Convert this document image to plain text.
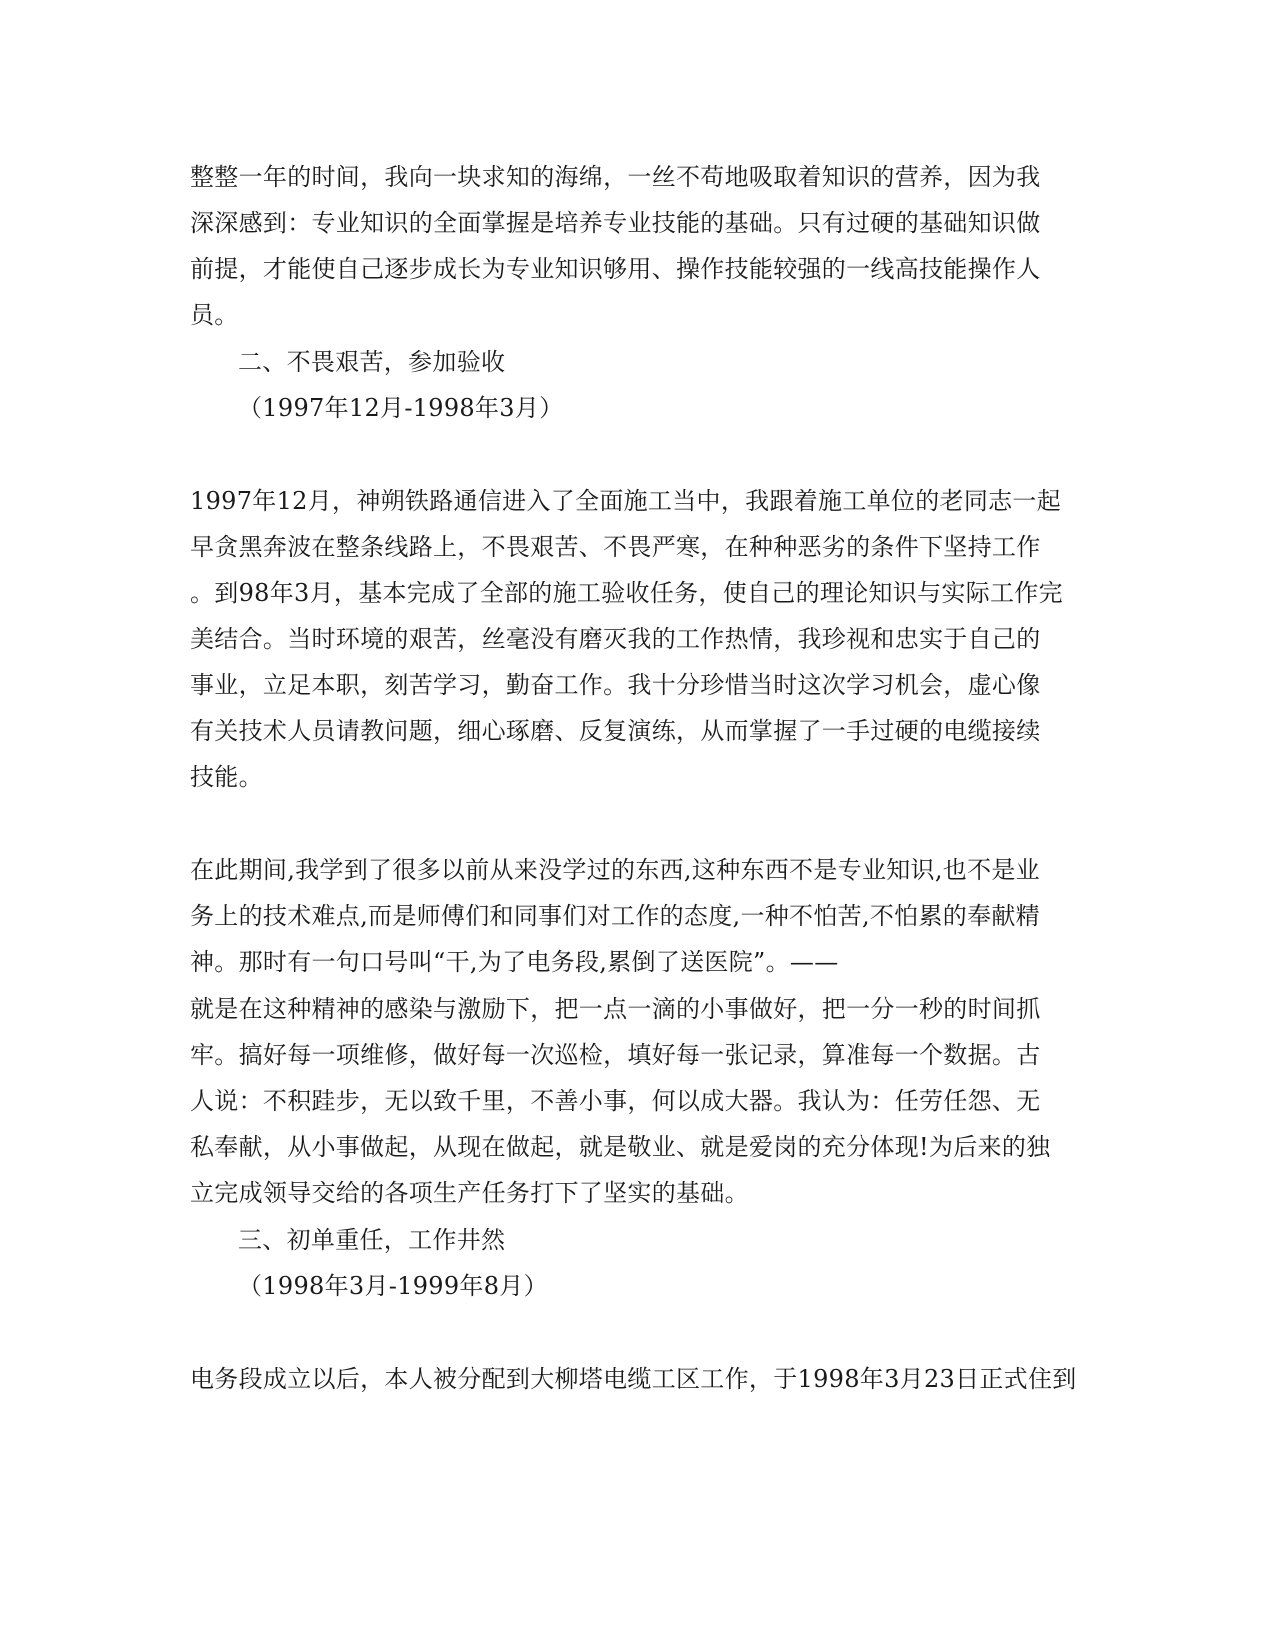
整整一年的时间，我向一块求知的海绵，一丝不苟地吸取着知识的营养，因为我
深深感到：专业知识的全面掌握是培养专业技能的基础。只有过硬的基础知识做
前提，才能使自己逐步成长为专业知识够用、操作技能较强的一线高技能操作人
员。
二、不畏艰苦，参加验收
（1997年12月-1998年3月）
1997年12月，神朔铁路通信进入了全面施工当中，我跟着施工单位的老同志一起
早贪黑奔波在整条线路上，不畏艰苦、不畏严寒，在种种恶劣的条件下坚持工作
。到98年3月，基本完成了全部的施工验收任务，使自己的理论知识与实际工作完
美结合。当时环境的艰苦，丝毫没有磨灭我的工作热情，我珍视和忠实于自己的
事业，立足本职，刻苦学习，勤奋工作。我十分珍惜当时这次学习机会，虚心像
有关技术人员请教问题，细心琢磨、反复演练，从而掌握了一手过硬的电缆接续
技能。
在此期间,我学到了很多以前从来没学过的东西,这种东西不是专业知识,也不是业
务上的技术难点,而是师傅们和同事们对工作的态度,一种不怕苦,不怕累的奉献精
神。那时有一句口号叫“干,为了电务段,累倒了送医院”。——
就是在这种精神的感染与激励下，把一点一滴的小事做好，把一分一秒的时间抓
牢。搞好每一项维修，做好每一次巡检，填好每一张记录，算准每一个数据。古
人说：不积跬步，无以致千里，不善小事，何以成大器。我认为：任劳任怨、无
私奉献，从小事做起，从现在做起，就是敬业、就是爱岗的充分体现!为后来的独
立完成领导交给的各项生产任务打下了坚实的基础。
三、初单重任，工作井然
（1998年3月-1999年8月）
电务段成立以后，本人被分配到大柳塔电缆工区工作，于1998年3月23日正式住到
